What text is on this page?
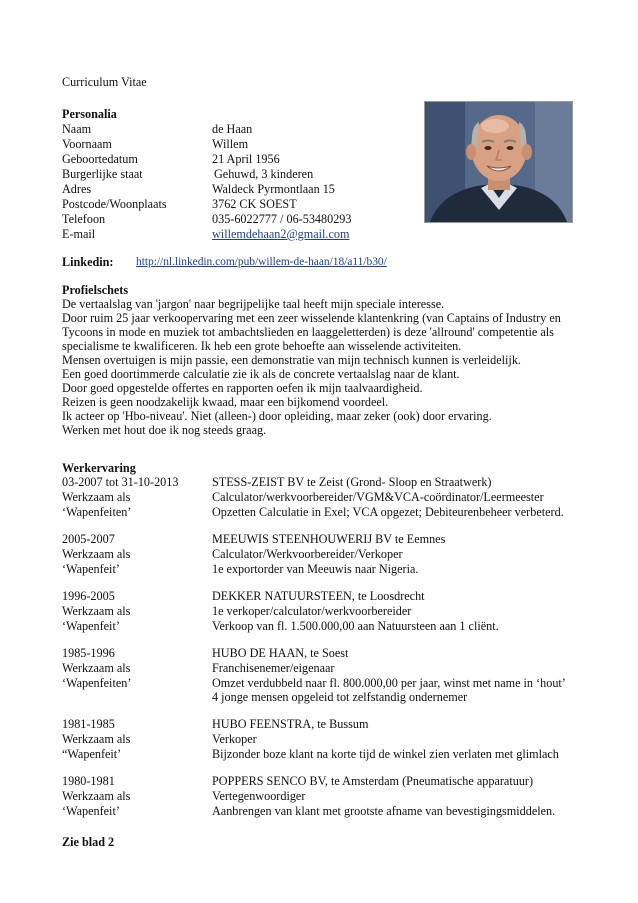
Curriculum Vitae
Personalia
Naam	de Haan
Voornaam	Willem
Geboortedatum	21 April 1956
Burgerlijke staat	Gehuwd, 3 kinderen
Adres	Waldeck Pyrmontlaan 15
Postcode/Woonplaats	3762 CK SOEST
Telefoon	035-6022777 / 06-53480293
E-mail	willemdehaan2@gmail.com
Linkedin: http://nl.linkedin.com/pub/willem-de-haan/18/a11/b30/
Profielschets
De vertaalslag van 'jargon' naar begrijpelijke taal heeft mijn speciale interesse.
Door ruim 25 jaar verkoopervaring met een zeer wisselende klantenkring (van Captains of Industry en
Tycoons in mode en muziek tot ambachtslieden en laaggeletterden) is deze 'allround' competentie als
specialisme te kwalificeren. Ik heb een grote behoefte aan wisselende activiteiten.
Mensen overtuigen is mijn passie, een demonstratie van mijn technisch kunnen is verleidelijk.
Een goed doortimmerde calculatie zie ik als de concrete vertaalslag naar de klant.
Door goed opgestelde offertes en rapporten oefen ik mijn taalvaardigheid.
Reizen is geen noodzakelijk kwaad, maar een bijkomend voordeel.
Ik acteer op 'Hbo-niveau'. Niet (alleen-) door opleiding, maar zeker (ook) door ervaring.
Werken met hout doe ik nog steeds graag.
Werkervaring
03-2007 tot 31-10-2013	STESS-ZEIST BV te Zeist (Grond- Sloop en Straatwerk)
Werkzaam als	Calculator/werkvoorbereider/VGM&VCA-coördinator/Leermeester
‘Wapenfeiten’	Opzetten Calculatie in Exel; VCA opgezet; Debiteurenbeheer verbeterd.
2005-2007	MEEUWIS STEENHOUWERIJ BV te Eemnes
Werkzaam als	Calculator/Werkvoorbereider/Verkoper
‘Wapenfeit’	1e exportorder van Meeuwis naar Nigeria.
1996-2005	DEKKER NATUURSTEEN, te Loosdrecht
Werkzaam als	1e verkoper/calculator/werkvoorbereider
‘Wapenfeit’	Verkoop van fl. 1.500.000,00 aan Natuursteen aan 1 cliënt.
1985-1996	HUBO DE HAAN, te Soest
Werkzaam als	Franchisenemer/eigenaar
‘Wapenfeiten’	Omzet verdubbeld naar fl. 800.000,00 per jaar, winst met name in ‘hout’
4 jonge mensen opgeleid tot zelfstandig ondernemer
1981-1985	HUBO FEENSTRA, te Bussum
Werkzaam als	Verkoper
“Wapenfeit’	Bijzonder boze klant na korte tijd de winkel zien verlaten met glimlach
1980-1981	POPPERS SENCO BV, te Amsterdam (Pneumatische apparatuur)
Werkzaam als	Vertegenwoordiger
‘Wapenfeit’	Aanbrengen van klant met grootste afname van bevestigingsmiddelen.
Zie blad 2
